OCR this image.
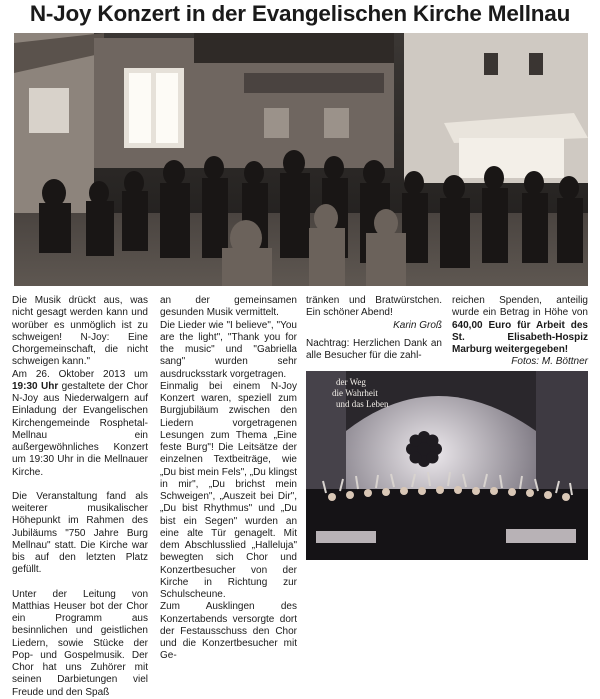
N-Joy Konzert in der Evangelischen Kirche Mellnau

Die Musik drückt aus, was nicht gesagt werden kann und worüber es unmöglich ist zu schweigen! N-Joy: Eine Chorgemeinschaft, die nicht schweigen kann."

Am 26. Oktober 2013 um 19:30 Uhr gestaltete der Chor N-Joy aus Niederwalgern auf Einladung der Evangelischen Kirchengemeinde Rosphetal-Mellnau ein außergewöhnliches Konzert um 19:30 Uhr in die Mellnauer Kirche.

Die Veranstaltung fand als weiterer musikalischer Höhepunkt im Rahmen des Jubiläums "750 Jahre Burg Mellnau" statt. Die Kirche war bis auf den letzten Platz gefüllt.

Unter der Leitung von Matthias Heuser bot der Chor ein Programm aus besinnlichen und geistlichen Liedern, sowie Stücke der Pop- und Gospelmusik. Der Chor hat uns Zuhörer mit seinen Darbietungen viel Freude und den Spaß

an der gemeinsamen gesunden Musik vermittelt.

Die Lieder wie "I believe", "You are the light", "Thank you for the music" und "Gabriella sang" wurden sehr ausdrucksstark vorgetragen.

Einmalig bei einem N-Joy Konzert waren, speziell zum Burgjubiläum zwischen den Liedern vorgetragenen Lesungen zum Thema „Eine feste Burg"! Die Leitsätze der einzelnen Textbeiträge, wie „Du bist mein Fels", „Du klingst in mir", „Du brichst mein Schweigen", „Auszeit bei Dir", „Du bist Rhythmus" und „Du bist ein Segen" wurden an eine alte Tür genagelt. Mit dem Abschlusslied „Halleluja" bewegten sich Chor und Konzertbesucher von der Kirche in Richtung zur Schulscheune.

Zum Ausklingen des Konzertabends versorgte dort der Festausschuss den Chor und die Konzertbesucher mit Ge-

tränken und Bratwürstchen. Ein schöner Abend!

Karin Groß

Nachtrag: Herzlichen Dank an alle Besucher für die zahl-

reichen Spenden, anteilig wurde ein Betrag in Höhe von 640,00 Euro für Arbeit des St. Elisabeth-Hospiz Marburg weitergegeben!

Fotos: M. Böttner

der Weg
die Wahrheit
und das Leben
